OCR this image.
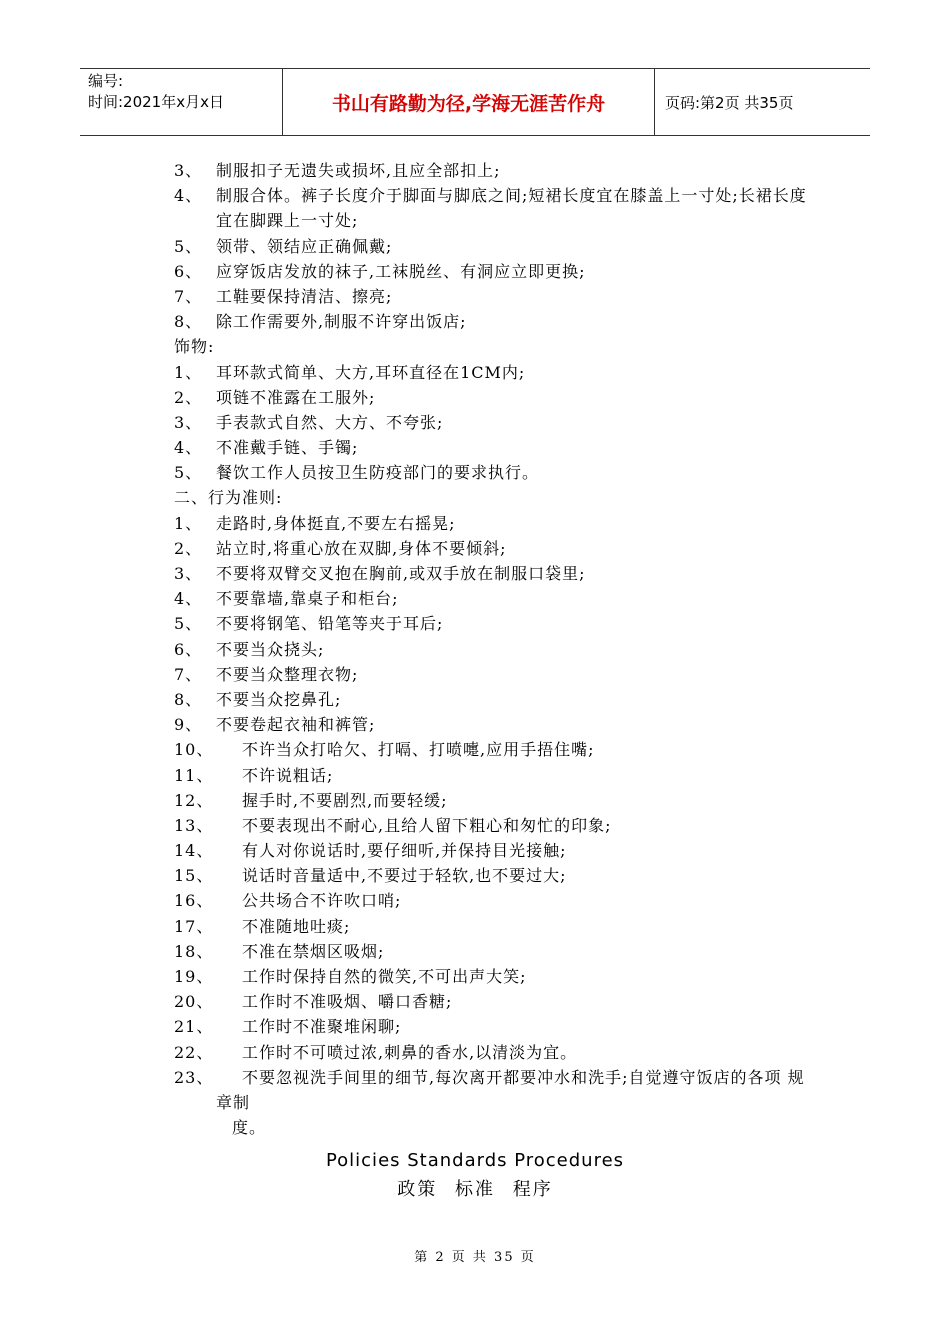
编号:
时间:2021年x月x日	书山有路勤为径,学海无涯苦作舟	页码:第2页 共35页
3、 制服扣子无遗失或损坏,且应全部扣上;
4、 制服合体。裤子长度介于脚面与脚底之间;短裙长度宜在膝盖上一寸处;长裙长度
宜在脚踝上一寸处;
5、 领带、领结应正确佩戴;
6、 应穿饭店发放的袜子,工袜脱丝、有洞应立即更换;
7、 工鞋要保持清洁、擦亮;
8、 除工作需要外,制服不许穿出饭店;
饰物:
1、 耳环款式简单、大方,耳环直径在1CM内;
2、 项链不准露在工服外;
3、 手表款式自然、大方、不夸张;
4、 不准戴手链、手镯;
5、 餐饮工作人员按卫生防疫部门的要求执行。
二、行为准则:
1、 走路时,身体挺直,不要左右摇晃;
2、 站立时,将重心放在双脚,身体不要倾斜;
3、 不要将双臂交叉抱在胸前,或双手放在制服口袋里;
4、 不要靠墙,靠桌子和柜台;
5、 不要将钢笔、铅笔等夹于耳后;
6、 不要当众挠头;
7、 不要当众整理衣物;
8、 不要当众挖鼻孔;
9、 不要卷起衣袖和裤管;
10、	不许当众打哈欠、打嗝、打喷嚏,应用手捂住嘴;
11、	不许说粗话;
12、	握手时,不要剧烈,而要轻缓;
13、	不要表现出不耐心,且给人留下粗心和匆忙的印象;
14、	有人对你说话时,要仔细听,并保持目光接触;
15、	说话时音量适中,不要过于轻软,也不要过大;
16、	公共场合不许吹口哨;
17、	不准随地吐痰;
18、	不准在禁烟区吸烟;
19、	工作时保持自然的微笑,不可出声大笑;
20、	工作时不准吸烟、嚼口香糖;
21、	工作时不准聚堆闲聊;
22、	工作时不可喷过浓,刺鼻的香水,以清淡为宜。
23、	不要忽视洗手间里的细节,每次离开都要冲水和洗手;自觉遵守饭店的各项 规
章制
度。
Policies Standards Procedures
政策 标准 程序
第 2 页 共 35 页
